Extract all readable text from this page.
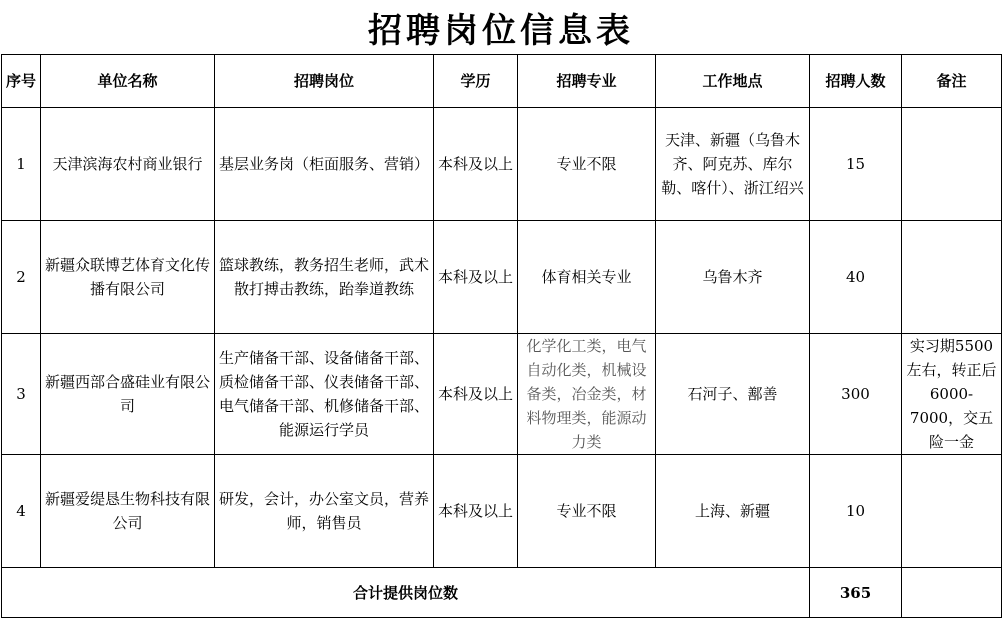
招聘岗位信息表
序号	单位名称	招聘岗位	学历	招聘专业	工作地点	招聘人数	备注
1	天津滨海农村商业银行	基层业务岗（柜面服务、营销）	本科及以上	专业不限	天津、新疆（乌鲁木齐、阿克苏、库尔勒、喀什）、浙江绍兴	15	
2	新疆众联博艺体育文化传播有限公司	篮球教练，教务招生老师，武术散打搏击教练，跆拳道教练	本科及以上	体育相关专业	乌鲁木齐	40	
3	新疆西部合盛硅业有限公司	生产储备干部、设备储备干部、质检储备干部、仪表储备干部、电气储备干部、机修储备干部、能源运行学员	本科及以上	化学化工类，电气自动化类，机械设备类，冶金类，材料物理类，能源动力类	石河子、鄯善	300	实习期5500左右，转正后6000-7000，交五险一金
4	新疆爱缇恳生物科技有限公司	研发，会计，办公室文员，营养师，销售员	本科及以上	专业不限	上海、新疆	10	
合计提供岗位数						365	
